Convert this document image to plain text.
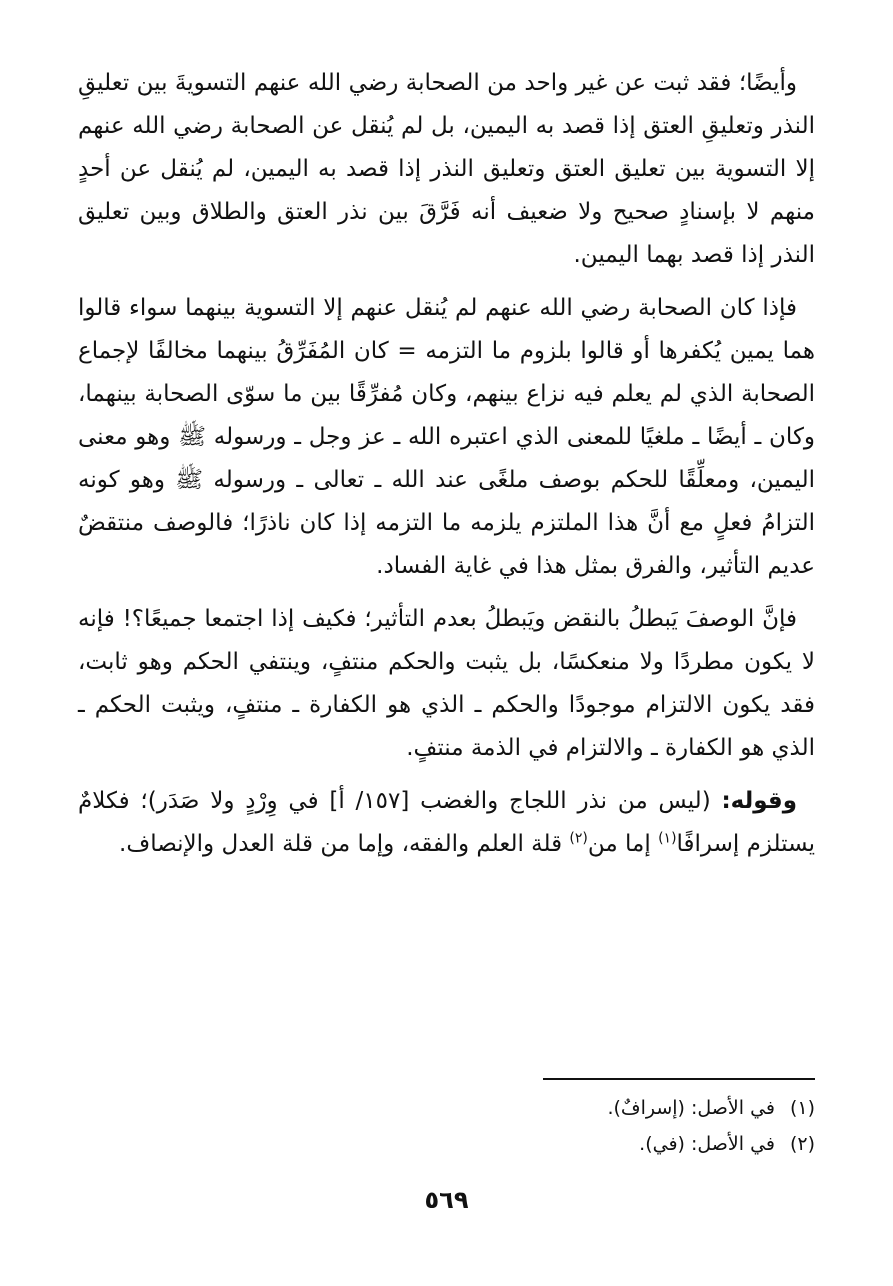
وأيضًا؛ فقد ثبت عن غير واحد من الصحابة رضي الله عنهم التسويةَ بين تعليقِ النذر وتعليقِ العتق إذا قصد به اليمين، بل لم يُنقل عن الصحابة رضي الله عنهم إلا التسوية بين تعليق العتق وتعليق النذر إذا قصد به اليمين، لم يُنقل عن أحدٍ منهم لا بإسنادٍ صحيح ولا ضعيف أنه فَرَّقَ بين نذر العتق والطلاق وبين تعليق النذر إذا قصد بهما اليمين.

فإذا كان الصحابة رضي الله عنهم لم يُنقل عنهم إلا التسوية بينهما سواء قالوا هما يمين يُكفرها أو قالوا بلزوم ما التزمه = كان المُفَرِّقُ بينهما مخالفًا لإجماع الصحابة الذي لم يعلم فيه نزاع بينهم، وكان مُفرِّقًا بين ما سوّى الصحابة بينهما، وكان ـ أيضًا ـ ملغيًا للمعنى الذي اعتبره الله ـ عز وجل ـ ورسوله ﷺ وهو معنى اليمين، ومعلِّقًا للحكم بوصف ملغًى عند الله ـ تعالى ـ ورسوله ﷺ وهو كونه التزامُ فعلٍ مع أنَّ هذا الملتزم يلزمه ما التزمه إذا كان ناذرًا؛ فالوصف منتقضٌ عديم التأثير، والفرق بمثل هذا في غاية الفساد.

فإنَّ الوصفَ يَبطلُ بالنقض ويَبطلُ بعدم التأثير؛ فكيف إذا اجتمعا جميعًا؟! فإنه لا يكون مطردًا ولا منعكسًا، بل يثبت والحكم منتفٍ، وينتفي الحكم وهو ثابت، فقد يكون الالتزام موجودًا والحكم ـ الذي هو الكفارة ـ منتفٍ، ويثبت الحكم ـ الذي هو الكفارة ـ والالتزام في الذمة منتفٍ.

وقوله: (ليس من نذر اللجاج والغضب [١٥٧/ أ] في وِرْدٍ ولا صَدَر)؛ فكلامٌ يستلزم إسرافًا$^{(١)}$ إما من$^{(٢)}$ قلة العلم والفقه، وإما من قلة العدل والإنصاف.

(١)في الأصل: (إسرافٌ).

(٢)في الأصل: (في).

٥٦٩
